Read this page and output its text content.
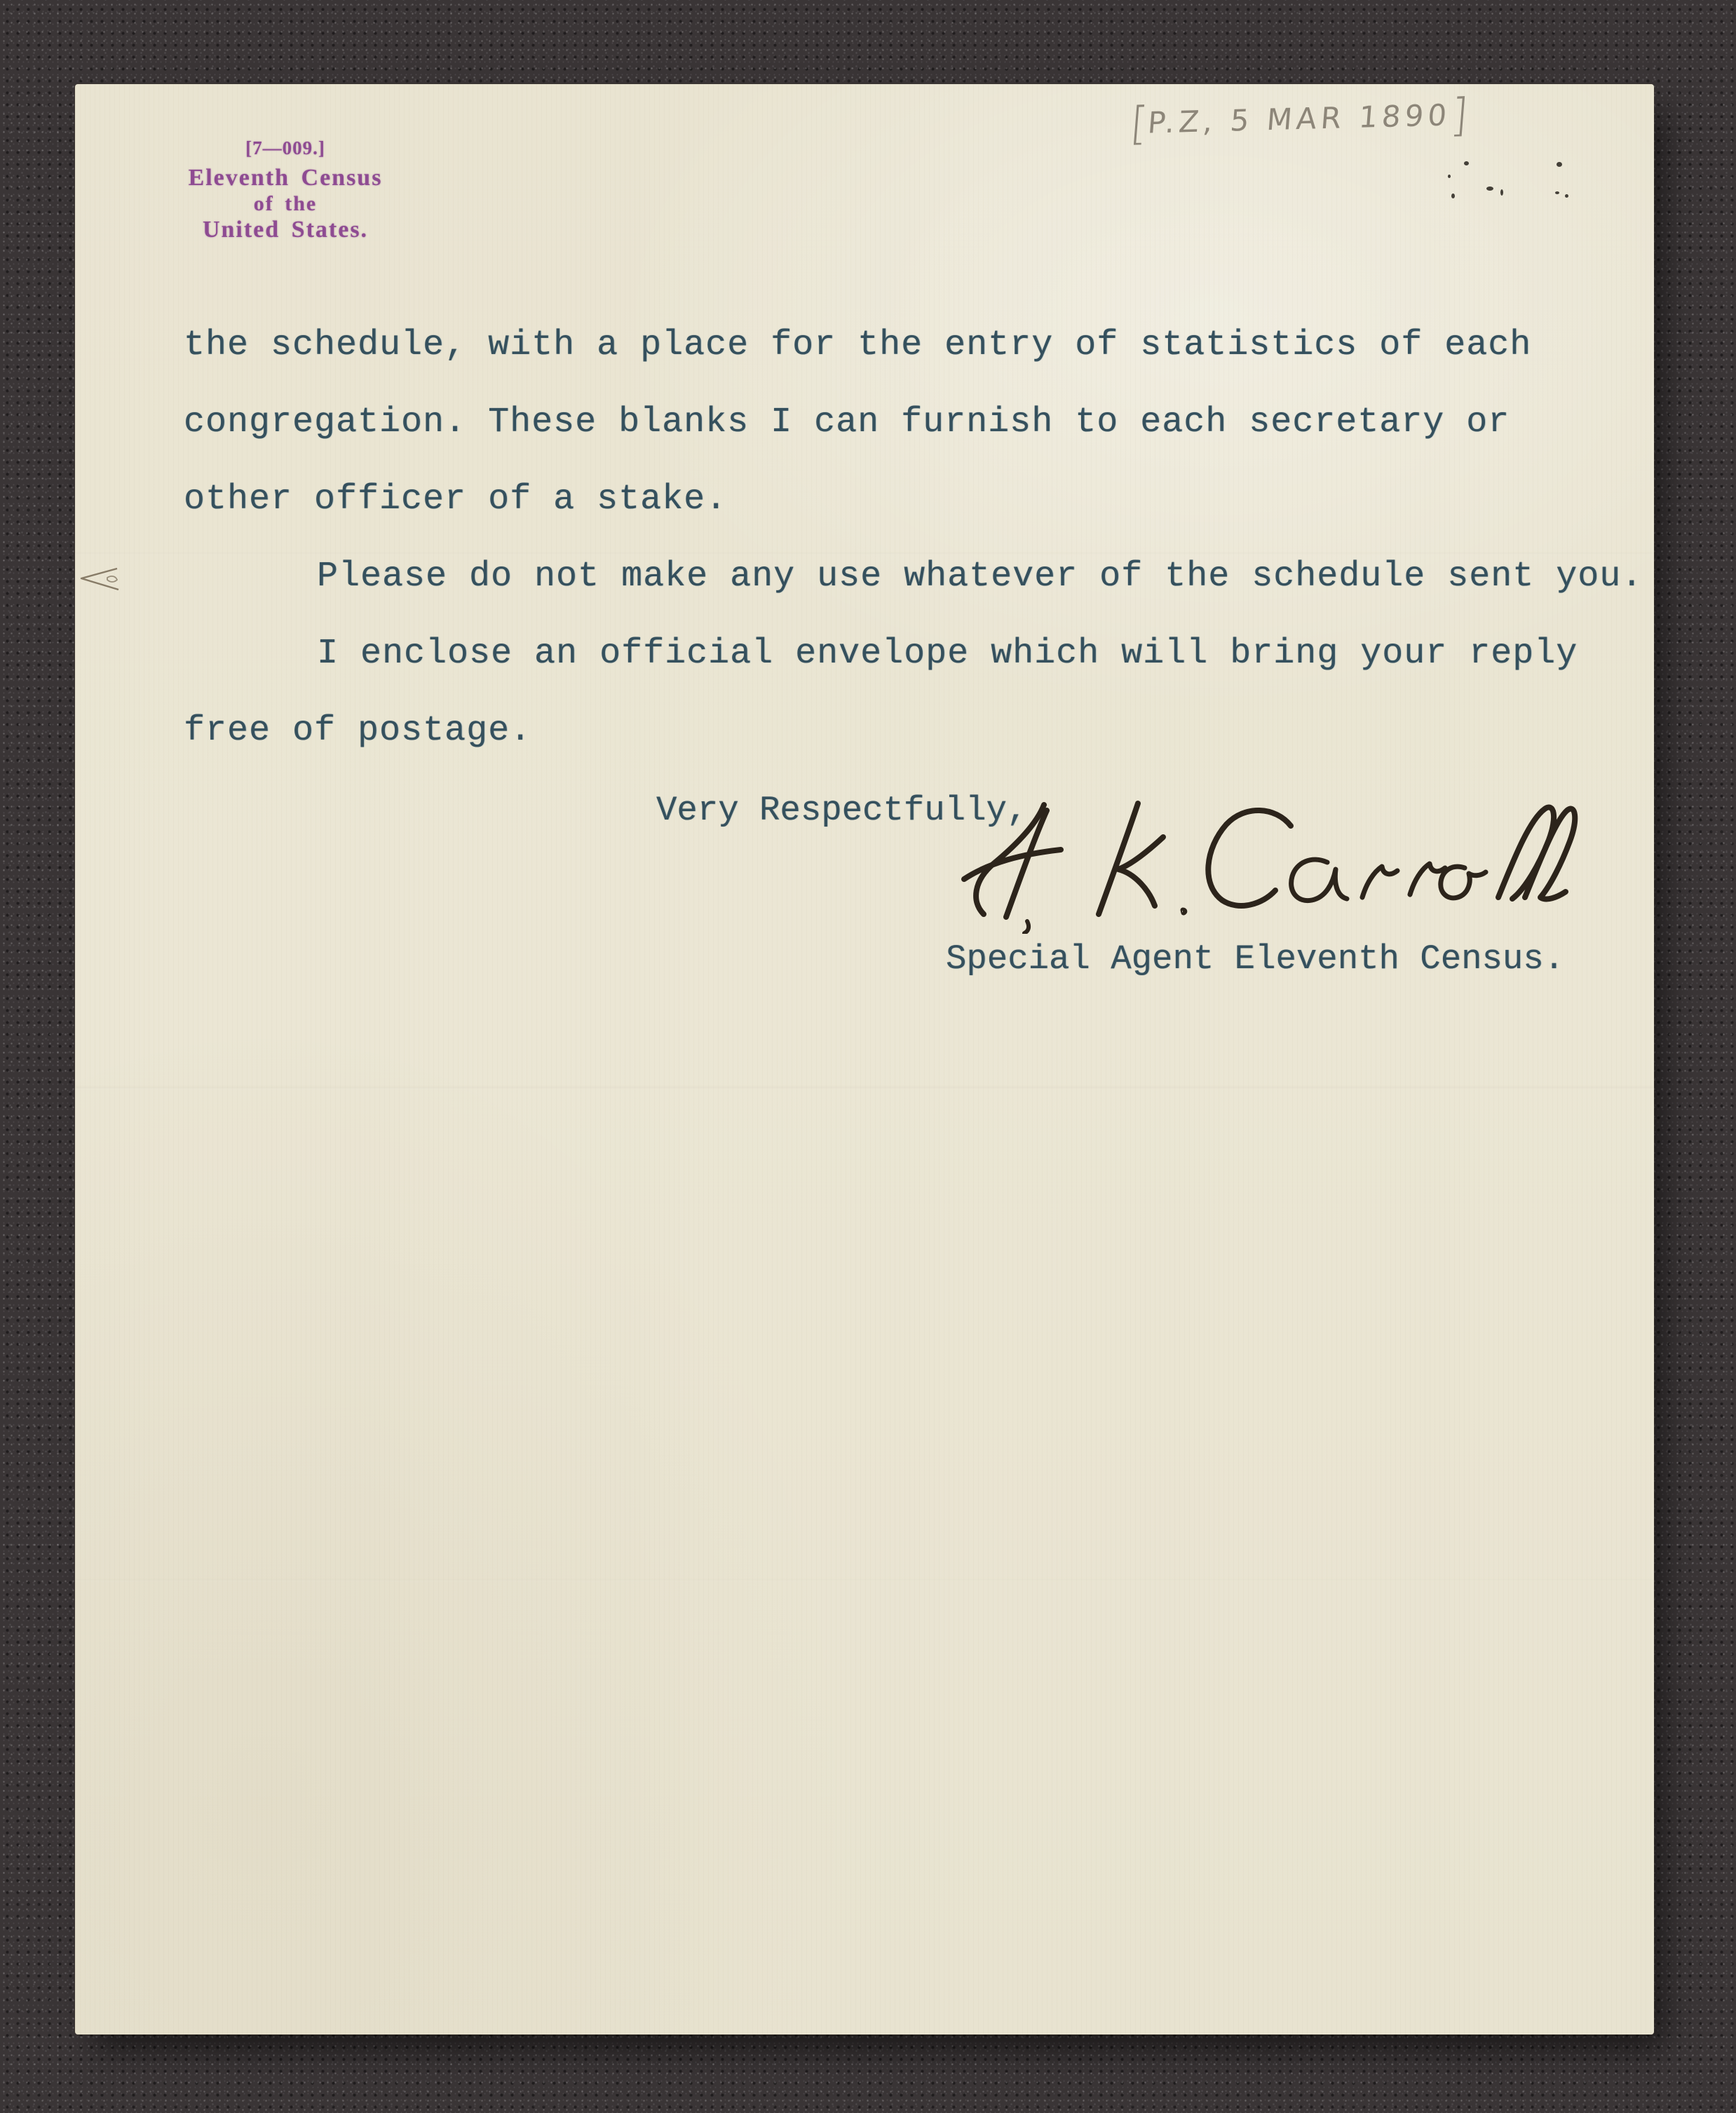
[7—009.]
Eleventh Census
of the
United States.
[P.Z, 5 MAR 1890]
the schedule, with a place for the entry of statistics of each
congregation. These blanks I can furnish to each secretary or
other officer of a stake.
Please do not make any use whatever of the schedule sent you.
I enclose an official envelope which will bring your reply
free of postage.
Very Respectfully,
Special Agent Eleventh Census.
